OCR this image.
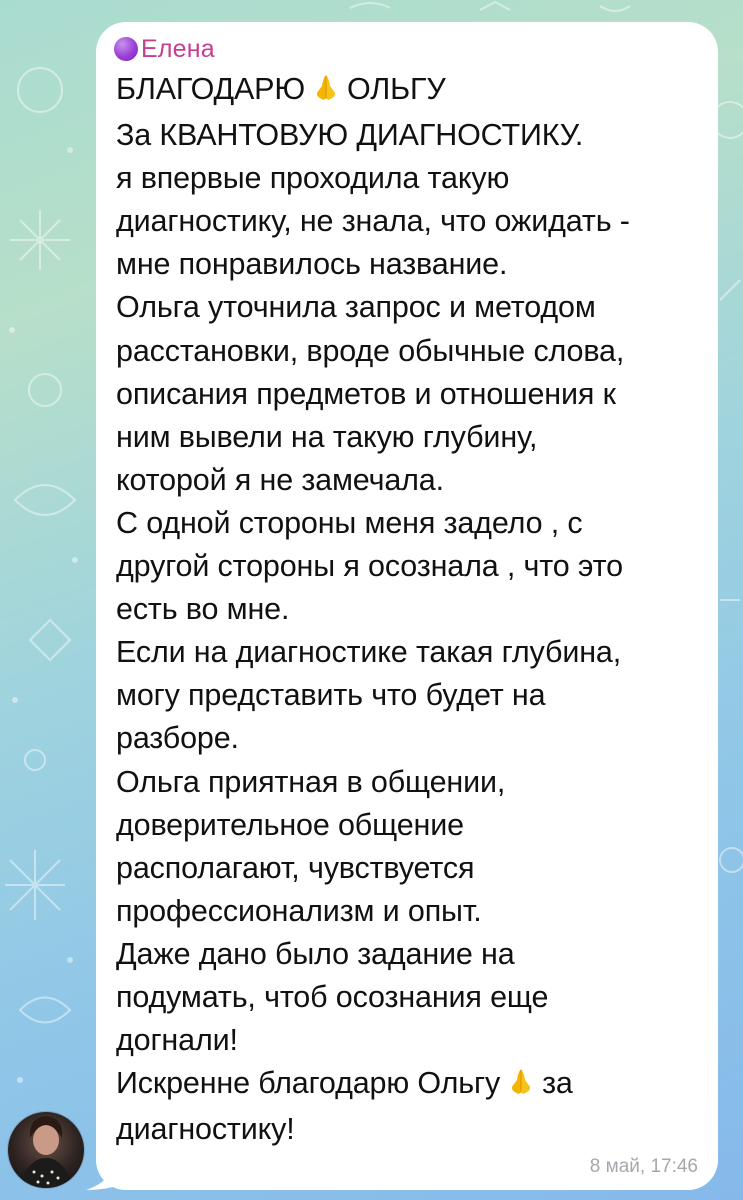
Елена
БЛАГОДАРЮ ОЛЬГУ
За КВАНТОВУЮ ДИАГНОСТИКУ.
я впервые проходила такую
диагностику, не знала, что ожидать -
мне понравилось название.
Ольга уточнила запрос и методом
расстановки, вроде обычные слова,
описания предметов и отношения к
ним вывели на такую глубину,
которой я не замечала.
С одной стороны меня задело , с
другой стороны я осознала , что это
есть во мне.
Если на диагностике такая глубина,
могу представить что будет на
разборе.
Ольга приятная в общении,
доверительное общение
располагают, чувствуется
профессионализм и опыт.
Даже дано было задание на
подумать, чтоб осознания еще
догнали!
Искренне благодарю Ольгу за
диагностику!
8 май, 17:46
